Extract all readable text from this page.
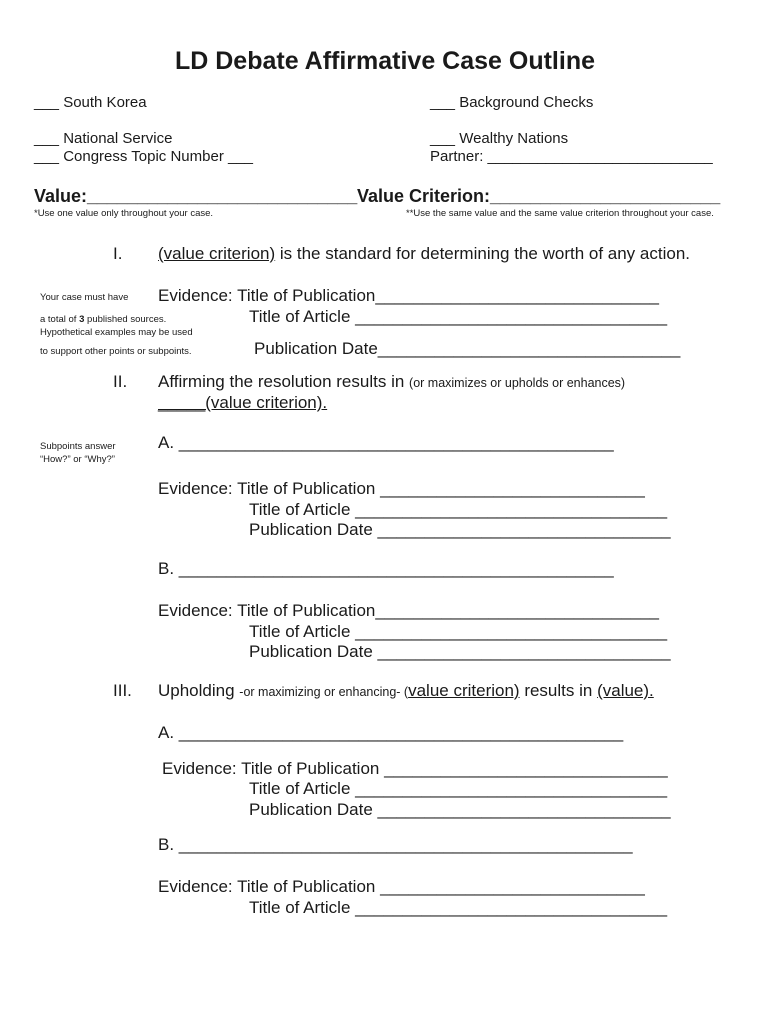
LD Debate Affirmative Case Outline
___ South Korea	___ Background Checks
___ National Service	___ Wealthy Nations
___ Congress Topic Number ___	Partner: ___________________________
Value:___________________________ Value Criterion:_______________________
*Use one value only throughout your case.	**Use the same value and the same value criterion throughout your case.
Your case must have
a total of 3 published sources.
Hypothetical examples may be used
to support other points or subpoints.
Subpoints answer
“How?” or “Why?”
I. (value criterion) is the standard for determining the worth of any action.
Evidence: Title of Publication______________________________
Title of Article _________________________________
Publication Date________________________________
II. Affirming the resolution results in (or maximizes or upholds or enhances)
_____(value criterion).
A. ______________________________________________
Evidence: Title of Publication ____________________________
Title of Article _________________________________
Publication Date _______________________________
B. ______________________________________________
Evidence: Title of Publication______________________________
Title of Article _________________________________
Publication Date _______________________________
III. Upholding -or maximizing or enhancing- (value criterion) results in (value).
A. _______________________________________________
Evidence: Title of Publication ______________________________
Title of Article _________________________________
Publication Date _______________________________
B. ________________________________________________
Evidence: Title of Publication ____________________________
Title of Article _________________________________
